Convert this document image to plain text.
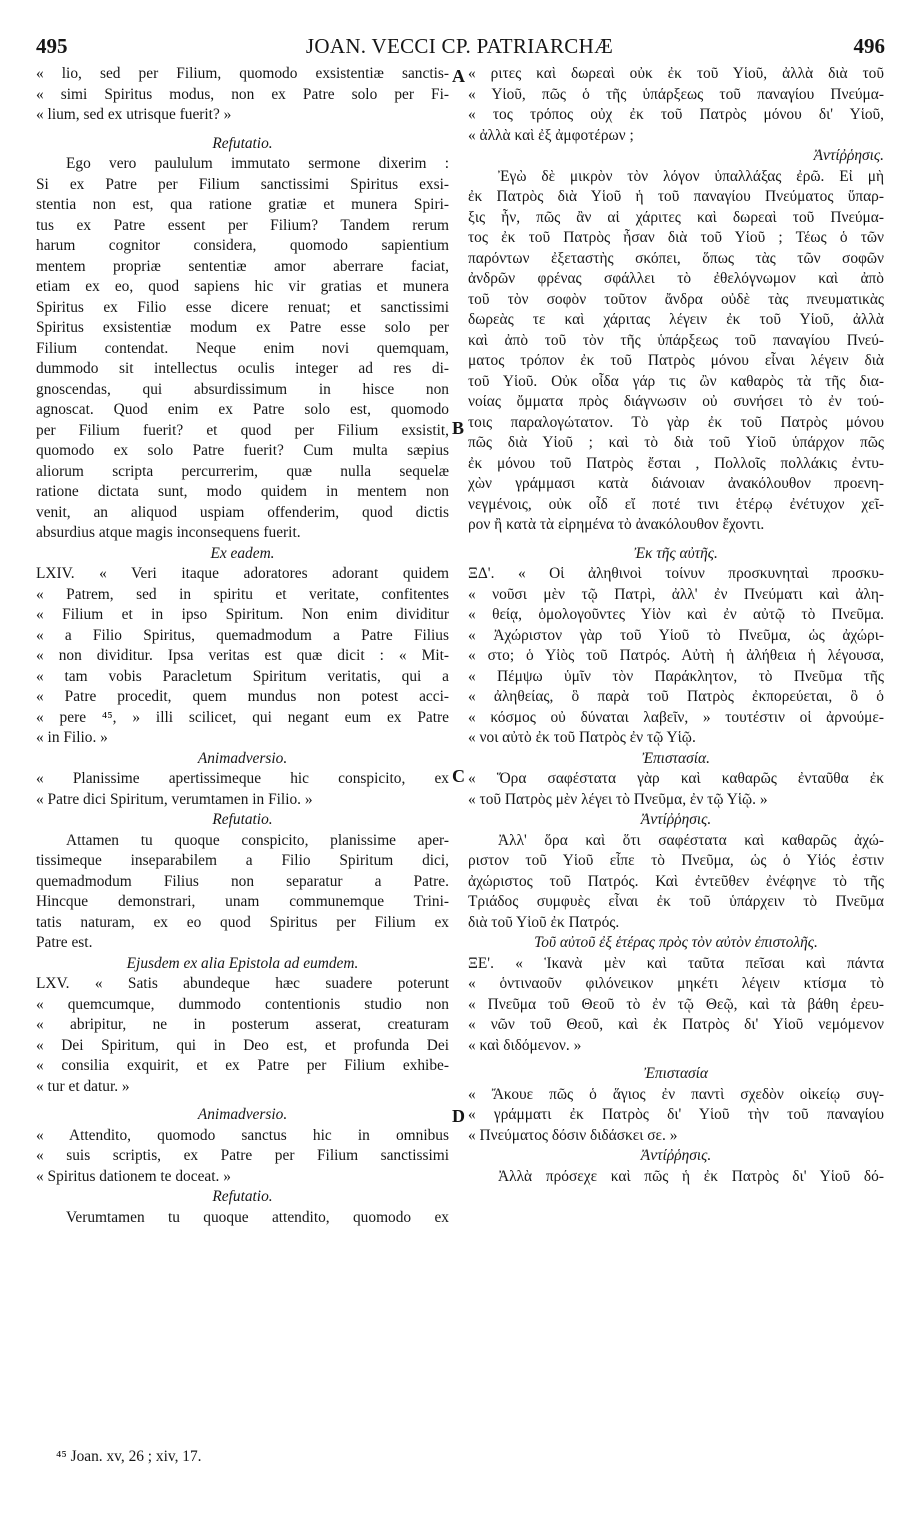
495	JOAN. VECCI CP. PATRIARCHÆ	496
« lio, sed per Filium, quomodo exsistentiæ sanctis-
« simi Spiritus modus, non ex Patre solo per Fi-
« lium, sed ex utrisque fuerit? »
Refutatio.
Ego vero paululum immutato sermone dixerim :
Si ex Patre per Filium sanctissimi Spiritus exsi-
stentia non est, qua ratione gratiæ et munera Spiri-
tus ex Patre essent per Filium? Tandem rerum
harum cognitor considera, quomodo sapientium
mentem propriæ sententiæ amor aberrare faciat,
etiam ex eo, quod sapiens hic vir gratias et munera
Spiritus ex Filio esse dicere renuat; et sanctissimi
Spiritus exsistentiæ modum ex Patre esse solo per
Filium contendat. Neque enim novi quemquam,
dummodo sit intellectus oculis integer ad res di-
gnoscendas, qui absurdissimum in hisce non
agnoscat. Quod enim ex Patre solo est, quomodo
per Filium fuerit? et quod per Filium exsistit,
quomodo ex solo Patre fuerit? Cum multa sæpius
aliorum scripta percurrerim, quæ nulla sequelæ
ratione dictata sunt, modo quidem in mentem non
venit, an aliquod uspiam offenderim, quod dictis
absurdius atque magis inconsequens fuerit.
Ex eadem.
LXIV. « Veri itaque adoratores adorant quidem
« Patrem, sed in spiritu et veritate, confitentes
« Filium et in ipso Spiritum. Non enim dividitur
« a Filio Spiritus, quemadmodum a Patre Filius
« non dividitur. Ipsa veritas est quæ dicit : « Mit-
« tam vobis Paracletum Spiritum veritatis, qui a
« Patre procedit, quem mundus non potest acci-
« pere ⁴⁵, » illi scilicet, qui negant eum ex Patre
« in Filio. »
Animadversio.
« Planissime apertissimeque hic conspicito, ex
« Patre dici Spiritum, verumtamen in Filio. »
Refutatio.
Attamen tu quoque conspicito, planissime aper-
tissimeque inseparabilem a Filio Spiritum dici,
quemadmodum Filius non separatur a Patre.
Hincque demonstrari, unam communemque Trini-
tatis naturam, ex eo quod Spiritus per Filium ex
Patre est.
Ejusdem ex alia Epistola ad eumdem.
LXV. « Satis abundeque hæc suadere poterunt
« quemcumque, dummodo contentionis studio non
« abripitur, ne in posterum asserat, creaturam
« Dei Spiritum, qui in Deo est, et profunda Dei
« consilia exquirit, et ex Patre per Filium exhibe-
« tur et datur. »
Animadversio.
« Attendito, quomodo sanctus hic in omnibus
« suis scriptis, ex Patre per Filium sanctissimi
« Spiritus dationem te doceat. »
Refutatio.
Verumtamen tu quoque attendito, quomodo ex
« ριτες καὶ δωρεαὶ οὐκ ἐκ τοῦ Υἱοῦ, ἀλλὰ διὰ τοῦ
« Υἱοῦ, πῶς ὁ τῆς ὑπάρξεως τοῦ παναγίου Πνεύμα-
« τος τρόπος οὐχ ἐκ τοῦ Πατρὸς μόνου δι' Υἱοῦ,
« ἀλλὰ καὶ ἐξ ἀμφοτέρων ;
Ἀντίῤῥησις.
Ἐγὼ δὲ μικρὸν τὸν λόγον ὑπαλλάξας ἐρῶ. Εἰ μὴ
ἐκ Πατρὸς διὰ Υἱοῦ ἡ τοῦ παναγίου Πνεύματος ὕπαρ-
ξις ἦν, πῶς ἂν αἱ χάριτες καὶ δωρεαὶ τοῦ Πνεύμα-
τος ἐκ τοῦ Πατρὸς ἦσαν διὰ τοῦ Υἱοῦ ; Τέως ὁ τῶν
παρόντων ἐξεταστὴς σκόπει, ὅπως τὰς τῶν σοφῶν
ἀνδρῶν φρένας σφάλλει τὸ ἐθελόγνωμον καὶ ἀπὸ
τοῦ τὸν σοφὸν τοῦτον ἄνδρα οὐδὲ τὰς πνευματικὰς
δωρεὰς τε καὶ χάριτας λέγειν ἐκ τοῦ Υἱοῦ, ἀλλὰ
καὶ ἀπὸ τοῦ τὸν τῆς ὑπάρξεως τοῦ παναγίου Πνεύ-
ματος τρόπον ἐκ τοῦ Πατρὸς μόνου εἶναι λέγειν διὰ
τοῦ Υἱοῦ. Οὐκ οἶδα γάρ τις ὢν καθαρὸς τὰ τῆς δια-
νοίας ὄμματα πρὸς διάγνωσιν οὐ συνήσει τὸ ἐν τού-
τοις παραλογώτατον. Τὸ γὰρ ἐκ τοῦ Πατρὸς μόνου
πῶς διὰ Υἱοῦ ; καὶ τὸ διὰ τοῦ Υἱοῦ ὑπάρχον πῶς
ἐκ μόνου τοῦ Πατρὸς ἔσται , Πολλοῖς πολλάκις ἐντυ-
χὼν γράμμασι κατὰ διάνοιαν ἀνακόλουθον προενη-
νεγμένοις, οὐκ οἶδ εἴ ποτέ τινι ἑτέρῳ ἐνέτυχον χεῖ-
ρον ἢ κατὰ τὰ εἰρημένα τὸ ἀνακόλουθον ἔχοντι.
Ἐκ τῆς αὐτῆς.
ΞΔ'. « Οἱ ἀληθινοὶ τοίνυν προσκυνηταὶ προσκυ-
« νοῦσι μὲν τῷ Πατρὶ, ἀλλ' ἐν Πνεύματι καὶ ἀλη-
« θείᾳ, ὁμολογοῦντες Υἱὸν καὶ ἐν αὐτῷ τὸ Πνεῦμα.
« Ἀχώριστον γὰρ τοῦ Υἱοῦ τὸ Πνεῦμα, ὡς ἀχώρι-
« στο; ὁ Υἱὸς τοῦ Πατρός. Αὐτὴ ἡ ἀλήθεια ἡ λέγουσα,
« Πέμψω ὑμῖν τὸν Παράκλητον, τὸ Πνεῦμα τῆς
« ἀληθείας, ὃ παρὰ τοῦ Πατρὸς ἐκπορεύεται, ὃ ὁ
« κόσμος οὐ δύναται λαβεῖν, » τουτέστιν οἱ ἀρνούμε-
« νοι αὐτὸ ἐκ τοῦ Πατρὸς ἐν τῷ Υἱῷ.
Ἐπιστασία.
« Ὅρα σαφέστατα γὰρ καὶ καθαρῶς ἐνταῦθα ἐκ
« τοῦ Πατρὸς μὲν λέγει τὸ Πνεῦμα, ἐν τῷ Υἱῷ. »
Ἀντίῤῥησις.
Ἀλλ' ὅρα καὶ ὅτι σαφέστατα καὶ καθαρῶς ἀχώ-
ριστον τοῦ Υἱοῦ εἶπε τὸ Πνεῦμα, ὡς ὁ Υἱός ἐστιν
ἀχώριστος τοῦ Πατρός. Καὶ ἐντεῦθεν ἐνέφηνε τὸ τῆς
Τριάδος συμφυὲς εἶναι ἐκ τοῦ ὑπάρχειν τὸ Πνεῦμα
διὰ τοῦ Υἱοῦ ἐκ Πατρός.
Τοῦ αὐτοῦ ἐξ ἑτέρας πρὸς τὸν αὐτὸν ἐπιστολῆς.
ΞΕ'. « Ἱκανὰ μὲν καὶ ταῦτα πεῖσαι καὶ πάντα
« ὁντιναοῦν φιλόνεικον μηκέτι λέγειν κτίσμα τὸ
« Πνεῦμα τοῦ Θεοῦ τὸ ἐν τῷ Θεῷ, καὶ τὰ βάθη ἐρευ-
« νῶν τοῦ Θεοῦ, καὶ ἐκ Πατρὸς δι' Υἱοῦ νεμόμενον
« καὶ διδόμενον. »
Ἐπιστασία
« Ἄκουε πῶς ὁ ἅγιος ἐν παντὶ σχεδὸν οἰκείῳ συγ-
« γράμματι ἐκ Πατρὸς δι' Υἱοῦ τὴν τοῦ παναγίου
« Πνεύματος δόσιν διδάσκει σε. »
Ἀντίῤῥησις.
Ἀλλὰ πρόσεχε καὶ πῶς ἡ ἐκ Πατρὸς δι' Υἱοῦ δό-
A
B
C
D
⁴⁵ Joan. xv, 26 ; xiv, 17.
